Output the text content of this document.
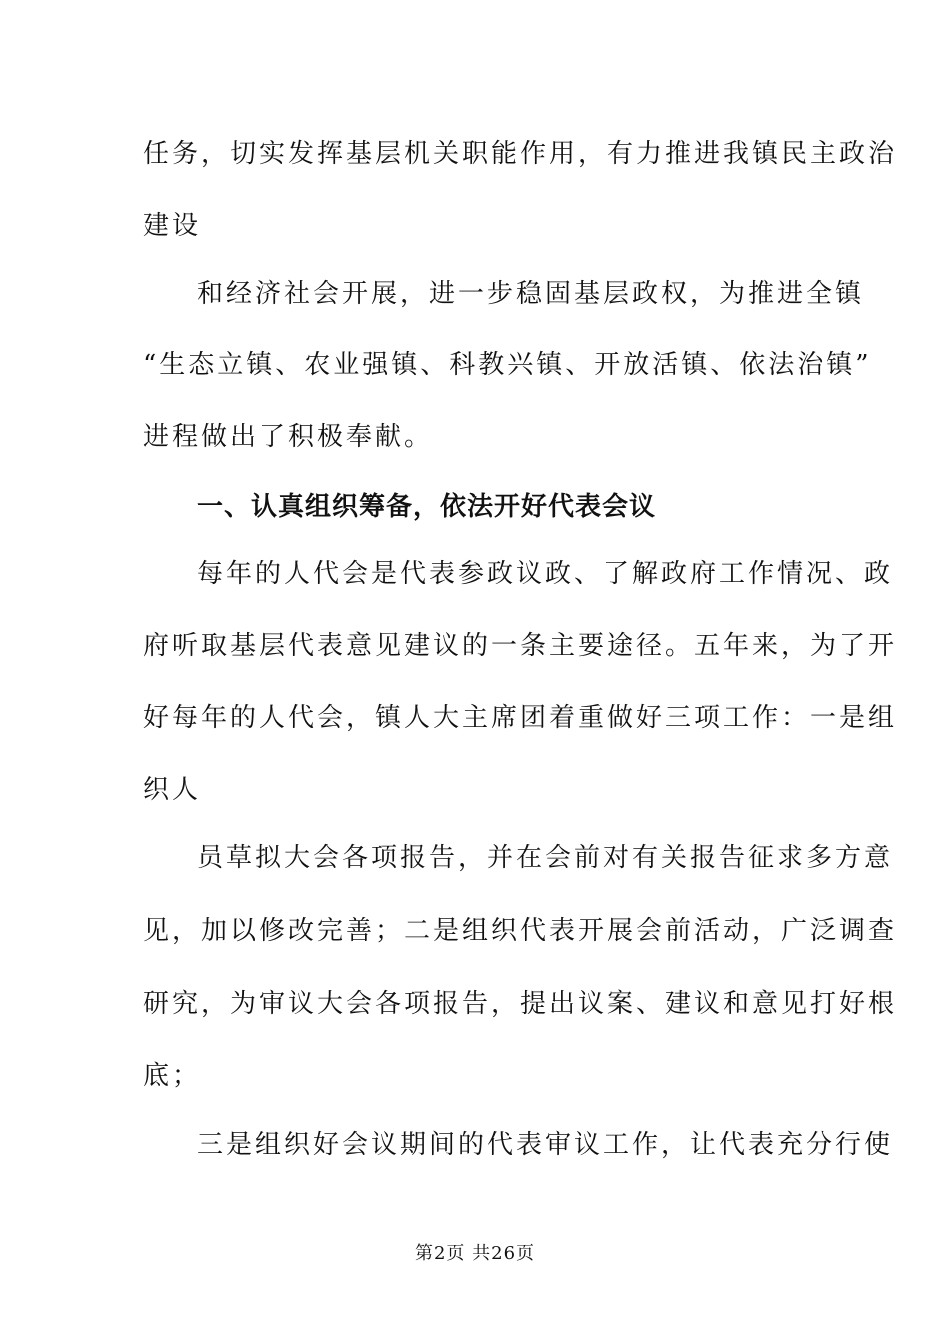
任务，切实发挥基层机关职能作用，有力推进我镇民主政治
建设
和经济社会开展，进一步稳固基层政权，为推进全镇
“生态立镇、农业强镇、科教兴镇、开放活镇、依法治镇”
进程做出了积极奉献。
一、认真组织筹备，依法开好代表会议
每年的人代会是代表参政议政、了解政府工作情况、政
府听取基层代表意见建议的一条主要途径。五年来，为了开
好每年的人代会，镇人大主席团着重做好三项工作：一是组
织人
员草拟大会各项报告，并在会前对有关报告征求多方意
见，加以修改完善；二是组织代表开展会前活动，广泛调查
研究，为审议大会各项报告，提出议案、建议和意见打好根
底；
三是组织好会议期间的代表审议工作，让代表充分行使
第2页 共26页
